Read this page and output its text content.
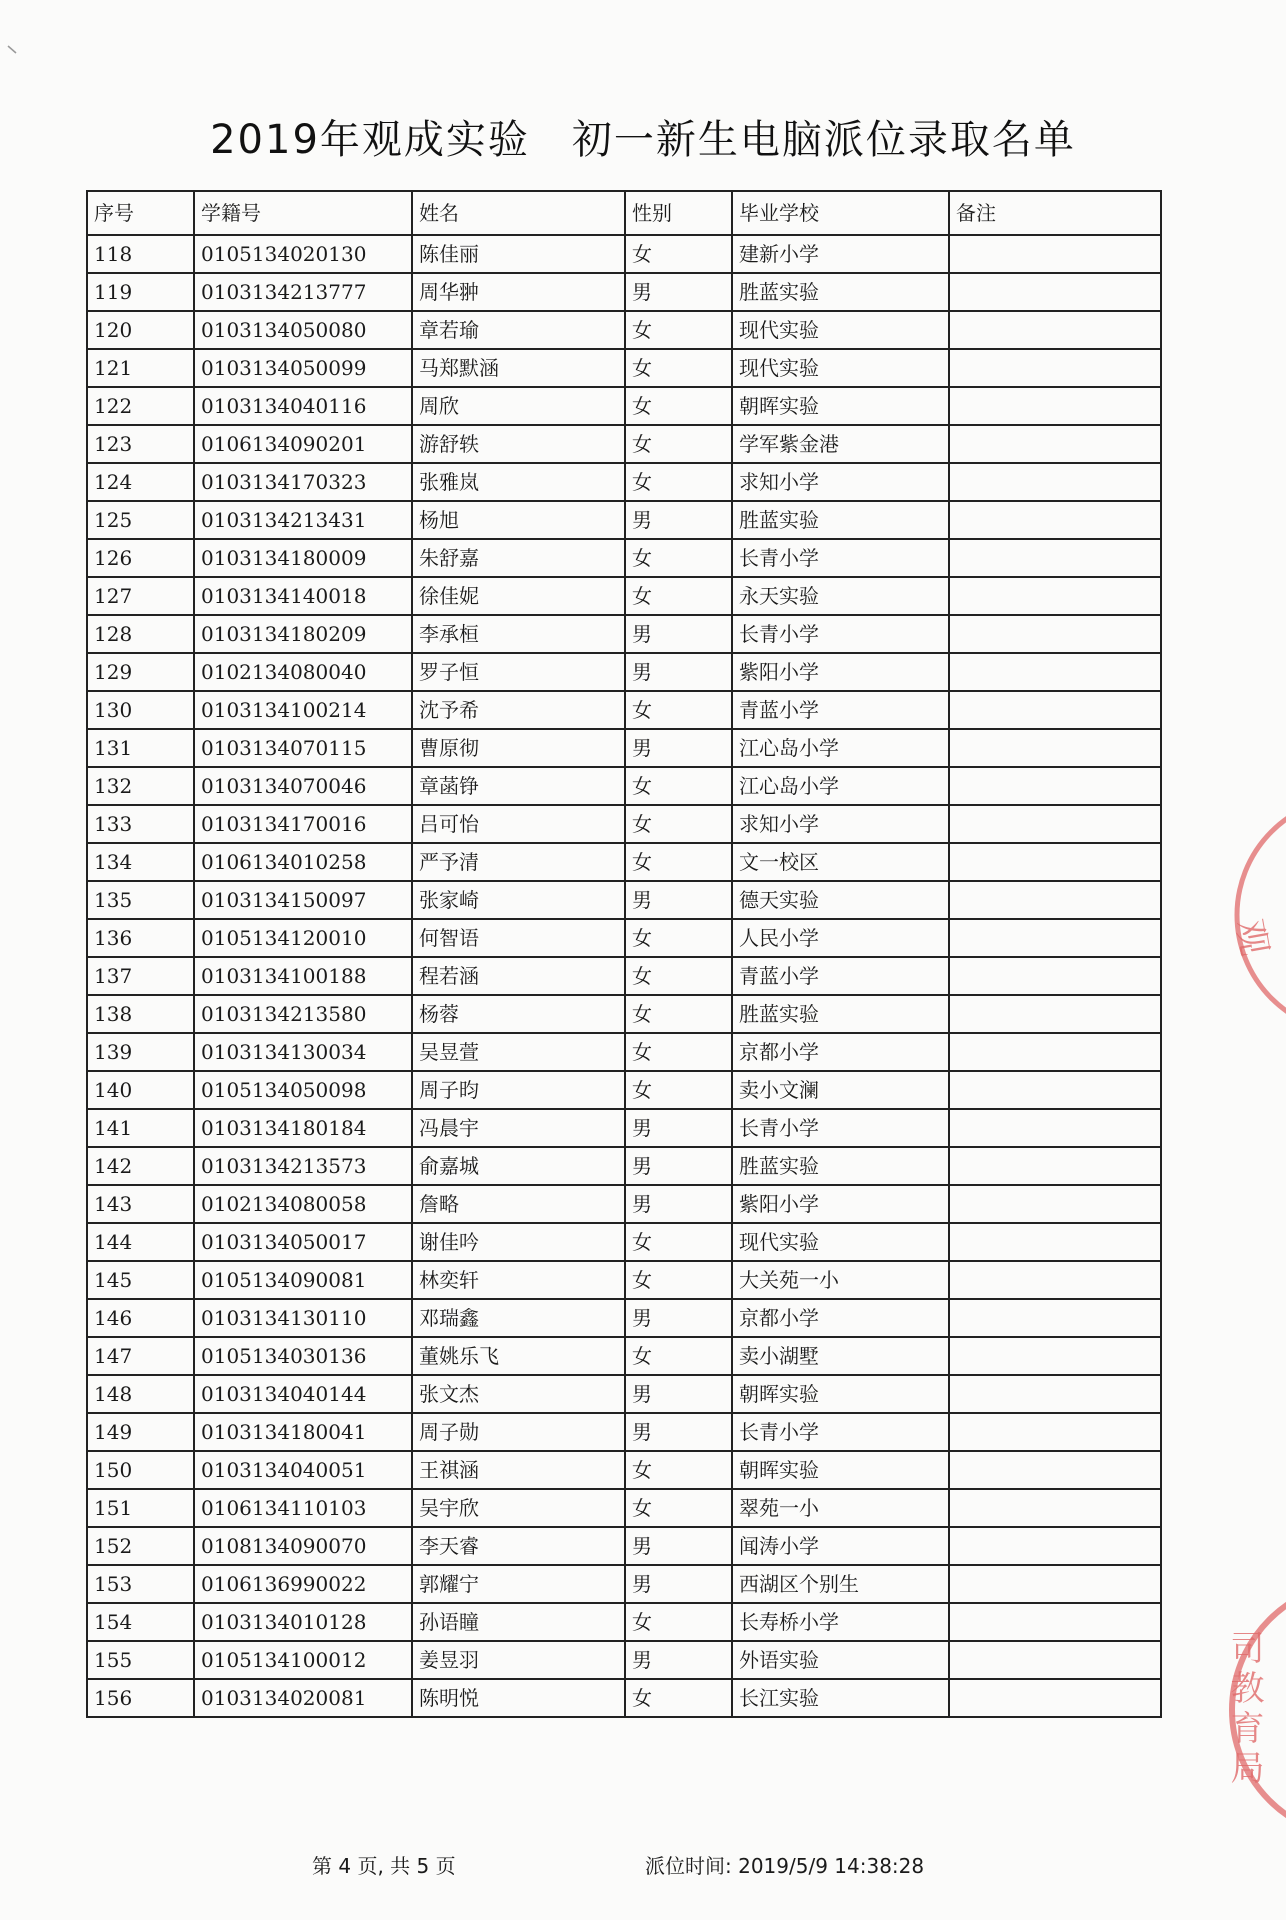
2019年观成实验　初一新生电脑派位录取名单
序号	学籍号	姓名	性别	毕业学校	备注
118	0105134020130	陈佳丽	女	建新小学	
119	0103134213777	周华翀	男	胜蓝实验	
120	0103134050080	章若瑜	女	现代实验	
121	0103134050099	马郑默涵	女	现代实验	
122	0103134040116	周欣	女	朝晖实验	
123	0106134090201	游舒轶	女	学军紫金港	
124	0103134170323	张雅岚	女	求知小学	
125	0103134213431	杨旭	男	胜蓝实验	
126	0103134180009	朱舒嘉	女	长青小学	
127	0103134140018	徐佳妮	女	永天实验	
128	0103134180209	李承桓	男	长青小学	
129	0102134080040	罗子恒	男	紫阳小学	
130	0103134100214	沈予希	女	青蓝小学	
131	0103134070115	曹原彻	男	江心岛小学	
132	0103134070046	章菡铮	女	江心岛小学	
133	0103134170016	吕可怡	女	求知小学	
134	0106134010258	严予清	女	文一校区	
135	0103134150097	张家崎	男	德天实验	
136	0105134120010	何智语	女	人民小学	
137	0103134100188	程若涵	女	青蓝小学	
138	0103134213580	杨蓉	女	胜蓝实验	
139	0103134130034	吴昱萱	女	京都小学	
140	0105134050098	周子昀	女	卖小文澜	
141	0103134180184	冯晨宇	男	长青小学	
142	0103134213573	俞嘉城	男	胜蓝实验	
143	0102134080058	詹略	男	紫阳小学	
144	0103134050017	谢佳吟	女	现代实验	
145	0105134090081	林奕轩	女	大关苑一小	
146	0103134130110	邓瑞鑫	男	京都小学	
147	0105134030136	董姚乐飞	女	卖小湖墅	
148	0103134040144	张文杰	男	朝晖实验	
149	0103134180041	周子勋	男	长青小学	
150	0103134040051	王祺涵	女	朝晖实验	
151	0106134110103	吴宇欣	女	翠苑一小	
152	0108134090070	李天睿	男	闻涛小学	
153	0106136990022	郭耀宁	男	西湖区个别生	
154	0103134010128	孙语瞳	女	长寿桥小学	
155	0105134100012	姜昱羽	男	外语实验	
156	0103134020081	陈明悦	女	长江实验	
第 4 页, 共 5 页	派位时间: 2019/5/9 14:38:28
观
司教育局
